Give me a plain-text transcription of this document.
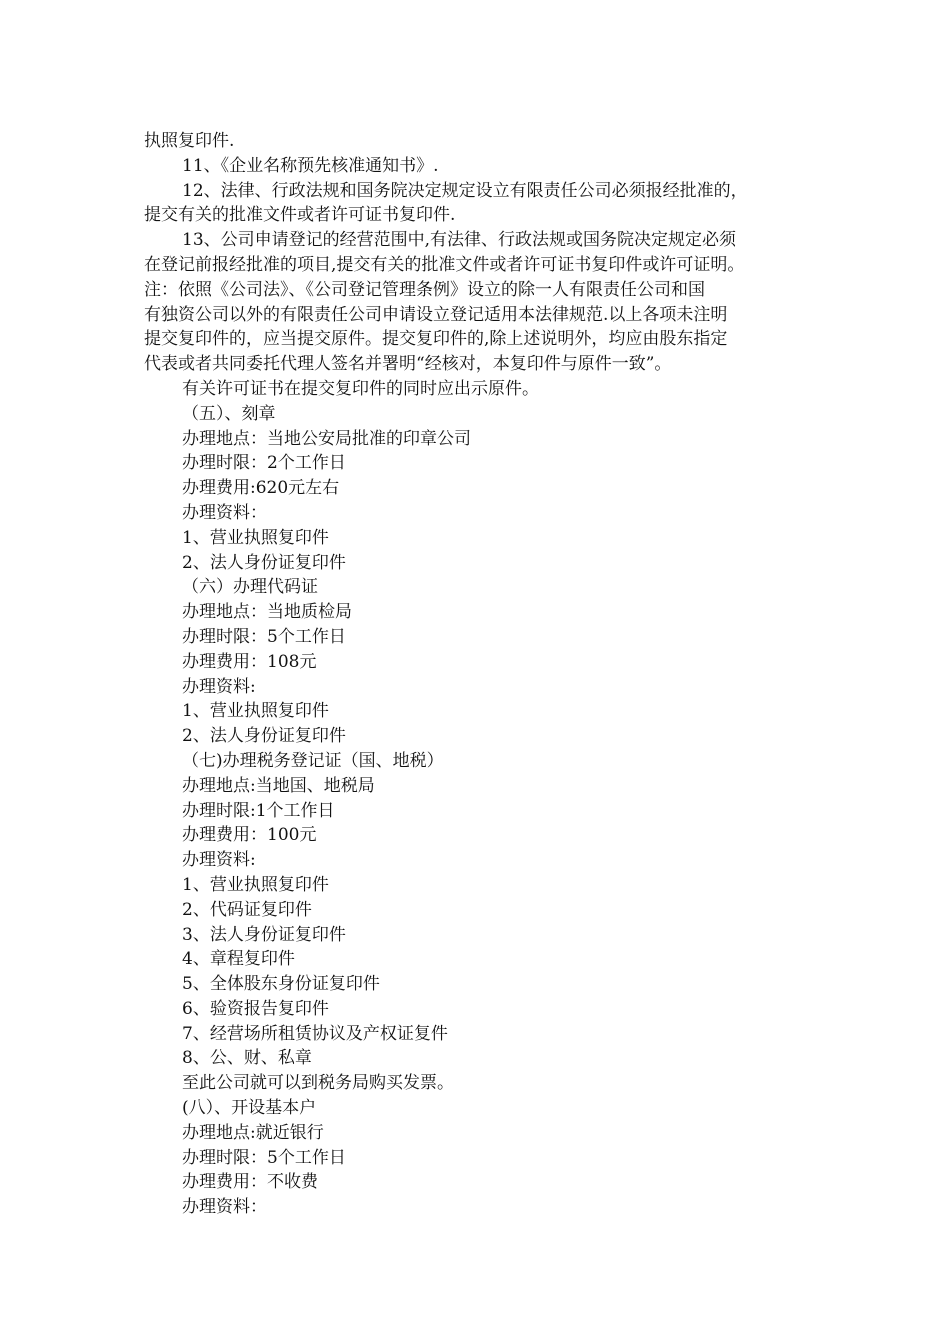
执照复印件.
11、《企业名称预先核准通知书》.
12、法律、行政法规和国务院决定规定设立有限责任公司必须报经批准的，
提交有关的批准文件或者许可证书复印件.
13、公司申请登记的经营范围中,有法律、行政法规或国务院决定规定必须
在登记前报经批准的项目,提交有关的批准文件或者许可证书复印件或许可证明。
注：依照《公司法》、《公司登记管理条例》设立的除一人有限责任公司和国
有独资公司以外的有限责任公司申请设立登记适用本法律规范.以上各项未注明
提交复印件的，应当提交原件。提交复印件的,除上述说明外，均应由股东指定
代表或者共同委托代理人签名并署明“经核对，本复印件与原件一致”。
有关许可证书在提交复印件的同时应出示原件。
（五）、刻章
办理地点：当地公安局批准的印章公司
办理时限：2个工作日
办理费用:620元左右
办理资料：
1、营业执照复印件
2、法人身份证复印件
（六）办理代码证
办理地点：当地质检局
办理时限：5个工作日
办理费用：108元
办理资料:
1、营业执照复印件
2、法人身份证复印件
（七)办理税务登记证（国、地税）
办理地点:当地国、地税局
办理时限:1个工作日
办理费用：100元
办理资料:
1、营业执照复印件
2、代码证复印件
3、法人身份证复印件
4、章程复印件
5、全体股东身份证复印件
6、验资报告复印件
7、经营场所租赁协议及产权证复件
8、公、财、私章
至此公司就可以到税务局购买发票。
(八）、开设基本户
办理地点:就近银行
办理时限：5个工作日
办理费用：不收费
办理资料：
